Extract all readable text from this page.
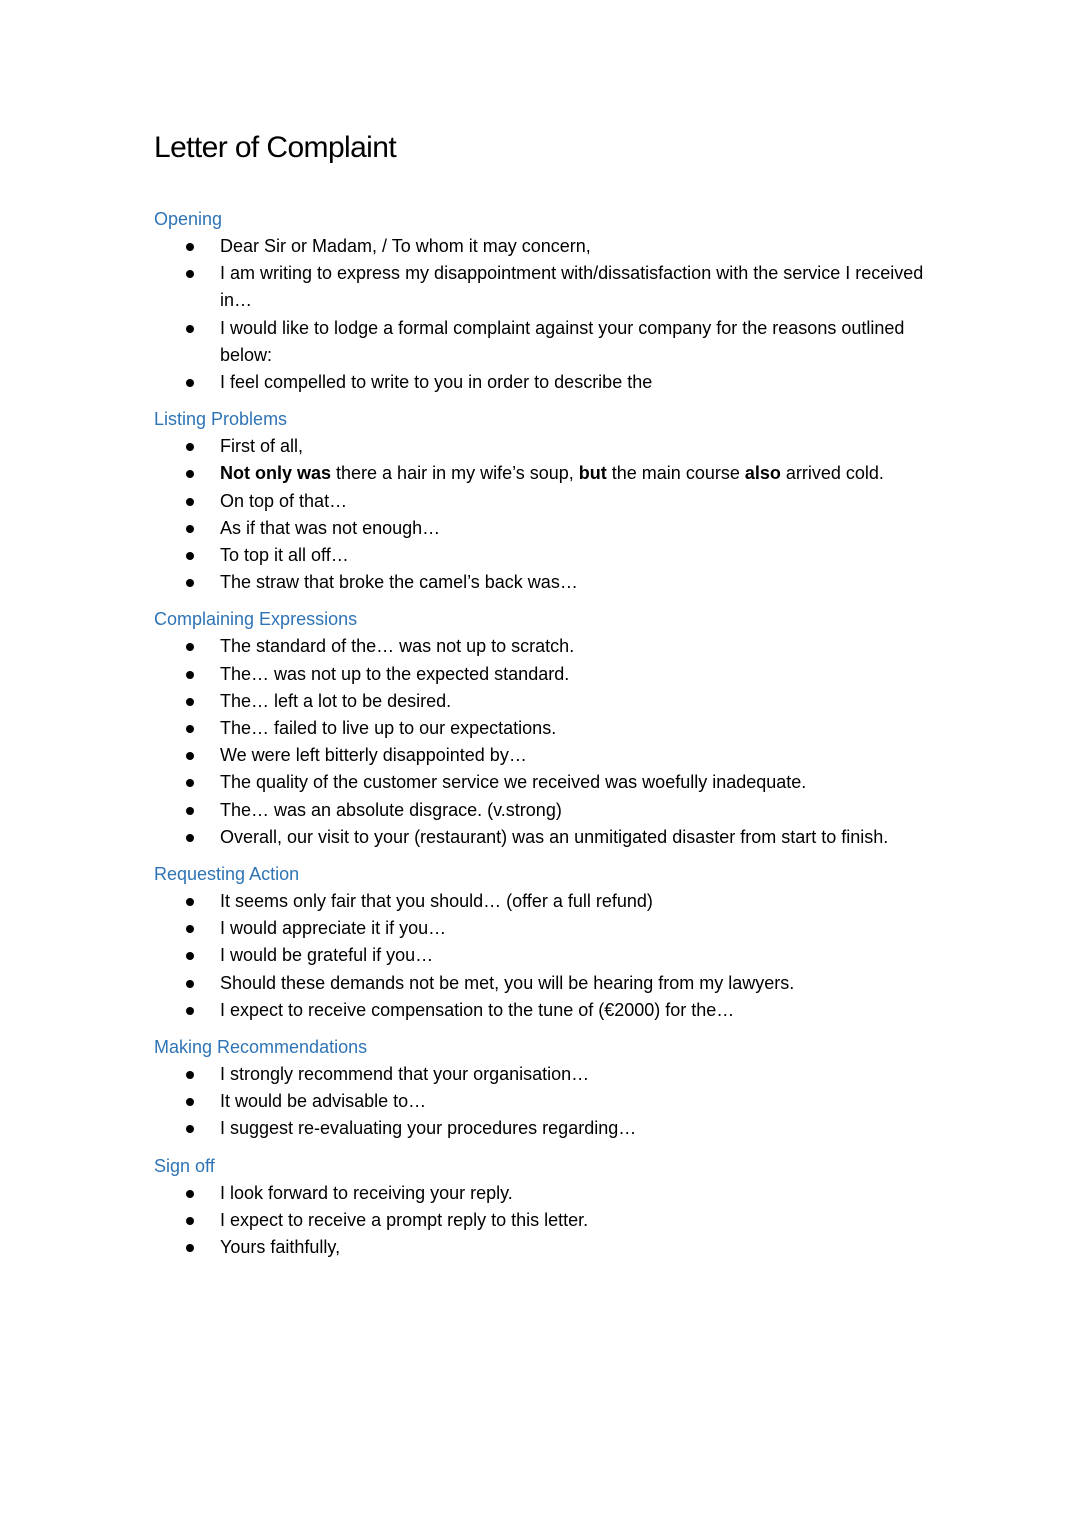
Letter of Complaint
Opening
Dear Sir or Madam, / To whom it may concern,
I am writing to express my disappointment with/dissatisfaction with the service I received in…
I would like to lodge a formal complaint against your company for the reasons outlined below:
I feel compelled to write to you in order to describe the
Listing Problems
First of all,
Not only was there a hair in my wife’s soup, but the main course also arrived cold.
On top of that…
As if that was not enough…
To top it all off…
The straw that broke the camel’s back was…
Complaining Expressions
The standard of the… was not up to scratch.
The… was not up to the expected standard.
The… left a lot to be desired.
The… failed to live up to our expectations.
We were left bitterly disappointed by…
The quality of the customer service we received was woefully inadequate.
The… was an absolute disgrace. (v.strong)
Overall, our visit to your (restaurant) was an unmitigated disaster from start to finish.
Requesting Action
It seems only fair that you should… (offer a full refund)
I would appreciate it if you…
I would be grateful if you…
Should these demands not be met, you will be hearing from my lawyers.
I expect to receive compensation to the tune of (€2000) for the…
Making Recommendations
I strongly recommend that your organisation…
It would be advisable to…
I suggest re-evaluating your procedures regarding…
Sign off
I look forward to receiving your reply.
I expect to receive a prompt reply to this letter.
Yours faithfully,
